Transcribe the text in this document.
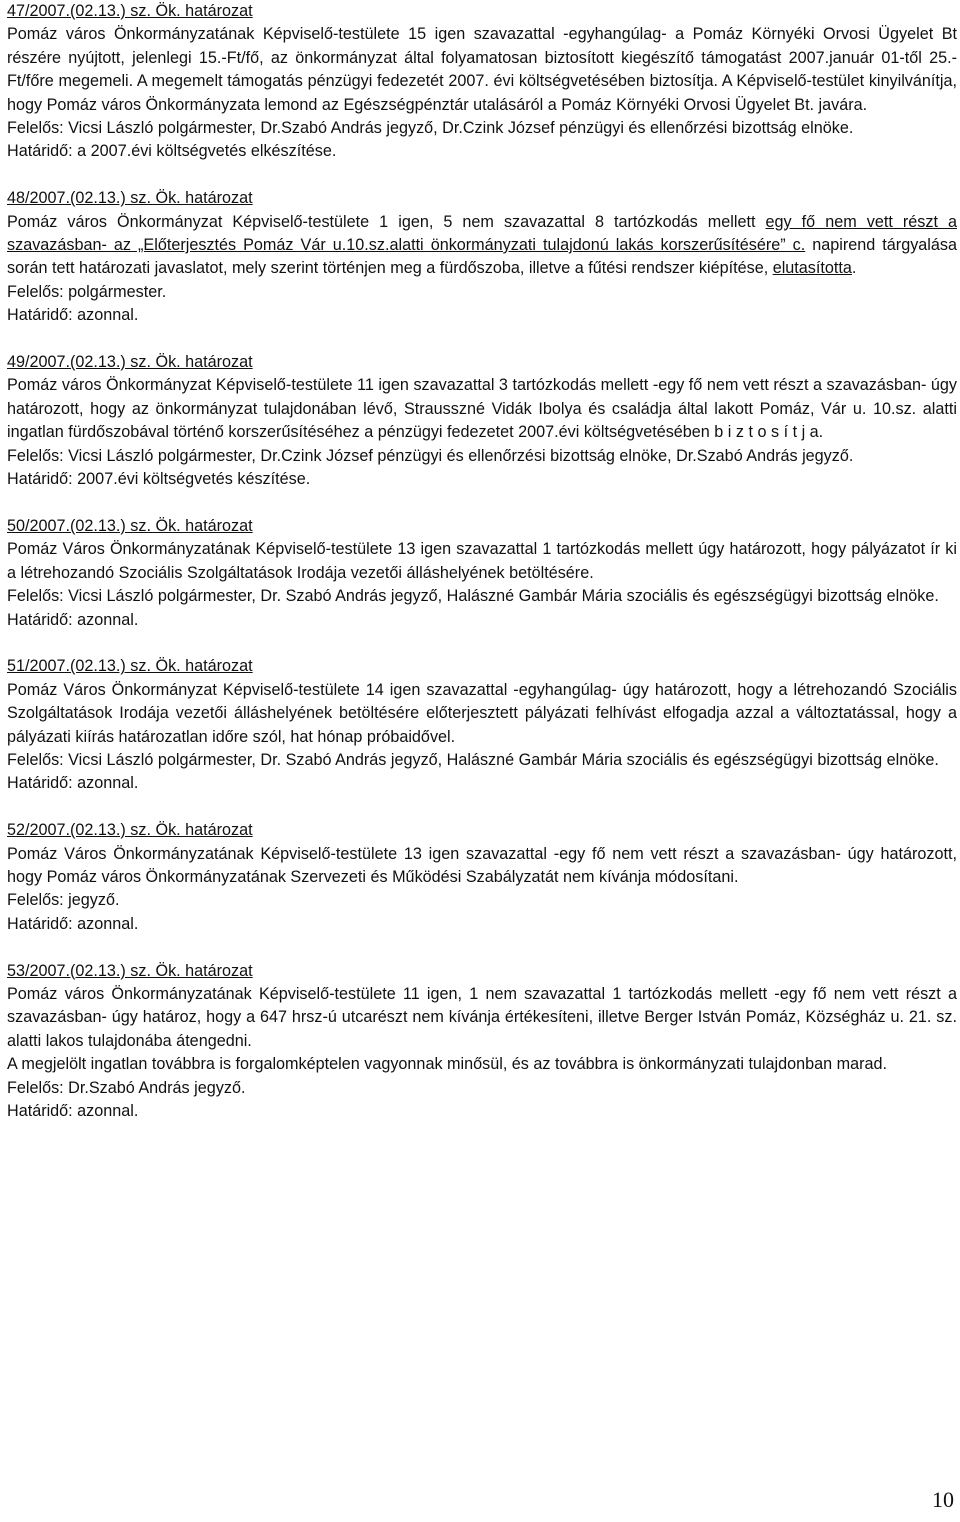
47/2007.(02.13.) sz. Ök. határozat

Pomáz város Önkormányzatának Képviselő-testülete 15 igen szavazattal -egyhangúlag- a Pomáz Környéki Orvosi Ügyelet Bt részére nyújtott, jelenlegi 15.-Ft/fő, az önkormányzat által folyamatosan biztosított kiegészítő támogatást 2007.január 01-től 25.-Ft/főre megemeli. A megemelt támogatás pénzügyi fedezetét 2007. évi költségvetésében biztosítja. A Képviselő-testület kinyilvánítja, hogy Pomáz város Önkormányzata lemond az Egészségpénztár utalásáról a Pomáz Környéki Orvosi Ügyelet Bt. javára.

Felelős: Vicsi László polgármester, Dr.Szabó András jegyző, Dr.Czink József pénzügyi és ellenőrzési bizottság elnöke.

Határidő: a 2007.évi költségvetés elkészítése.

48/2007.(02.13.) sz. Ök. határozat

Pomáz város Önkormányzat Képviselő-testülete 1 igen, 5 nem szavazattal 8 tartózkodás mellett egy fő nem vett részt a szavazásban- az „Előterjesztés Pomáz Vár u.10.sz.alatti önkormányzati tulajdonú lakás korszerűsítésére” c. napirend tárgyalása során tett határozati javaslatot, mely szerint történjen meg a fürdőszoba, illetve a fűtési rendszer kiépítése, elutasította.

Felelős: polgármester.

Határidő: azonnal.

49/2007.(02.13.) sz. Ök. határozat

Pomáz város Önkormányzat Képviselő-testülete 11 igen szavazattal 3 tartózkodás mellett -egy fő nem vett részt a szavazásban- úgy határozott, hogy az önkormányzat tulajdonában lévő, Strausszné Vidák Ibolya és családja által lakott Pomáz, Vár u. 10.sz. alatti ingatlan fürdőszobával történő korszerűsítéséhez a pénzügyi fedezetet 2007.évi költségvetésében b i z t o s í t j a.

Felelős: Vicsi László polgármester, Dr.Czink József pénzügyi és ellenőrzési bizottság elnöke, Dr.Szabó András jegyző.

Határidő: 2007.évi költségvetés készítése.

50/2007.(02.13.) sz. Ök. határozat

Pomáz Város Önkormányzatának Képviselő-testülete 13 igen szavazattal 1 tartózkodás mellett úgy határozott, hogy pályázatot ír ki a létrehozandó Szociális Szolgáltatások Irodája vezetői álláshelyének betöltésére.

Felelős: Vicsi László polgármester, Dr. Szabó András jegyző, Halászné Gambár Mária szociális és egészségügyi bizottság elnöke.

Határidő: azonnal.

51/2007.(02.13.) sz. Ök. határozat

Pomáz Város Önkormányzat Képviselő-testülete 14 igen szavazattal -egyhangúlag- úgy határozott, hogy a létrehozandó Szociális Szolgáltatások Irodája vezetői álláshelyének betöltésére előterjesztett pályázati felhívást elfogadja azzal a változtatással, hogy a pályázati kiírás határozatlan időre szól, hat hónap próbaidővel.

Felelős: Vicsi László polgármester, Dr. Szabó András jegyző, Halászné Gambár Mária szociális és egészségügyi bizottság elnöke.

Határidő: azonnal.

52/2007.(02.13.) sz. Ök. határozat

Pomáz Város Önkormányzatának Képviselő-testülete 13 igen szavazattal -egy fő nem vett részt a szavazásban- úgy határozott, hogy Pomáz város Önkormányzatának Szervezeti és Működési Szabályzatát nem kívánja módosítani.

Felelős: jegyző.

Határidő: azonnal.

53/2007.(02.13.) sz. Ök. határozat

Pomáz város Önkormányzatának Képviselő-testülete 11 igen, 1 nem szavazattal 1 tartózkodás mellett -egy fő nem vett részt a szavazásban- úgy határoz, hogy a 647 hrsz-ú utcarészt nem kívánja értékesíteni, illetve Berger István Pomáz, Községház u. 21. sz. alatti lakos tulajdonába átengedni.

A megjelölt ingatlan továbbra is forgalomképtelen vagyonnak minősül, és az továbbra is önkormányzati tulajdonban marad.

Felelős: Dr.Szabó András jegyző.

Határidő: azonnal.

10
